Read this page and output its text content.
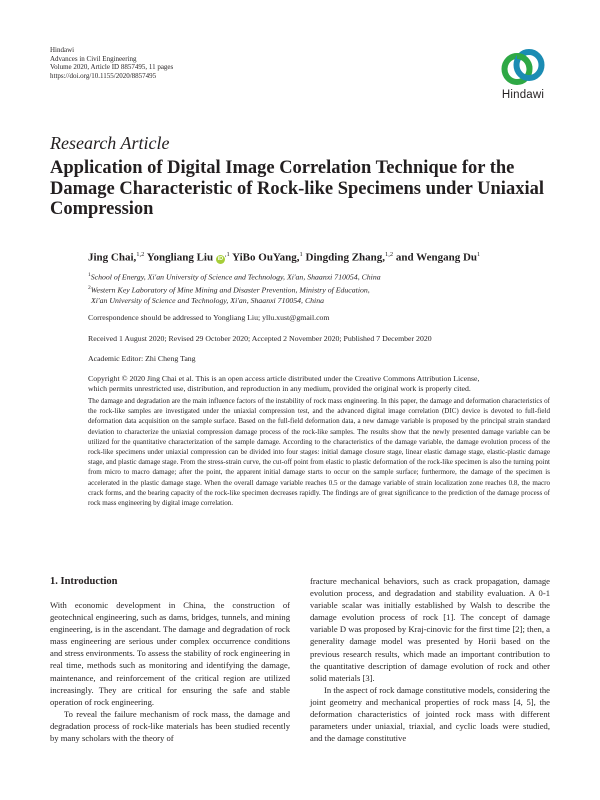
Hindawi
Advances in Civil Engineering
Volume 2020, Article ID 8857495, 11 pages
https://doi.org/10.1155/2020/8857495
Hindawi
Research Article
Application of Digital Image Correlation Technique for the Damage Characteristic of Rock-like Specimens under Uniaxial Compression
Jing Chai,$^{1,2}$ Yongliang Liu $iD^{,1}$ YiBo OuYang,$^1$ Dingding Zhang,$^{1,2}$ and Wengang Du$^1$
$^1$School of Energy, Xi'an University of Science and Technology, Xi'an, Shaanxi 710054, China
$^2$Western Key Laboratory of Mine Mining and Disaster Prevention, Ministry of Education,
Xi'an University of Science and Technology, Xi'an, Shaanxi 710054, China
Correspondence should be addressed to Yongliang Liu; yllu.xust@gmail.com
Received 1 August 2020; Revised 29 October 2020; Accepted 2 November 2020; Published 7 December 2020
Academic Editor: Zhi Cheng Tang
Copyright © 2020 Jing Chai et al. This is an open access article distributed under the Creative Commons Attribution License,
which permits unrestricted use, distribution, and reproduction in any medium, provided the original work is properly cited.

The damage and degradation are the main influence factors of the instability of rock mass engineering. In this paper, the damage and deformation characteristics of the rock-like samples are investigated under the uniaxial compression test, and the advanced digital image correlation (DIC) device is devoted to full-field deformation data acquisition on the sample surface. Based on the full-field deformation data, a new damage variable is proposed by the principal strain standard deviation to characterize the uniaxial compression damage process of the rock-like samples. The results show that the newly presented damage variable can be utilized for the quantitative characterization of the sample damage. According to the characteristics of the damage variable, the damage evolution process of the rock-like specimens under uniaxial compression can be divided into four stages: initial damage closure stage, linear elastic damage stage, elastic-plastic damage stage, and plastic damage stage. From the stress-strain curve, the cut-off point from elastic to plastic deformation of the rock-like specimen is also the turning point from micro to macro damage; after the point, the apparent initial damage starts to occur on the sample surface; furthermore, the damage of the specimen is accelerated in the plastic damage stage. When the overall damage variable reaches 0.5 or the damage variable of strain localization zone reaches 0.8, the macro crack forms, and the bearing capacity of the rock-like specimen decreases rapidly. The findings are of great significance to the prediction of the damage process of rock mass engineering by digital image correlation.

1. Introduction

With economic development in China, the construction of geotechnical engineering, such as dams, bridges, tunnels, and mining engineering, is in the ascendant. The damage and degradation of rock mass engineering are serious under complex occurrence conditions and stress environments. To assess the stability of rock engineering in real time, methods such as monitoring and identifying the damage, maintenance, and reinforcement of the critical region are utilized increasingly. They are critical for ensuring the safe and stable operation of rock engineering.

To reveal the failure mechanism of rock mass, the damage and degradation process of rock-like materials has been studied recently by many scholars with the theory of

fracture mechanical behaviors, such as crack propagation, damage evolution process, and degradation and stability evaluation. A 0-1 variable scalar was initially established by Walsh to describe the damage evolution process of rock [1]. The concept of damage variable D was proposed by Kraj-cinovic for the first time [2]; then, a generality damage model was presented by Horii based on the previous research results, which made an important contribution to the quantitative description of damage evolution of rock and other solid materials [3].

In the aspect of rock damage constitutive models, considering the joint geometry and mechanical properties of rock mass [4, 5], the deformation characteristics of jointed rock mass with different parameters under uniaxial, triaxial, and cyclic loads were studied, and the damage constitutive
